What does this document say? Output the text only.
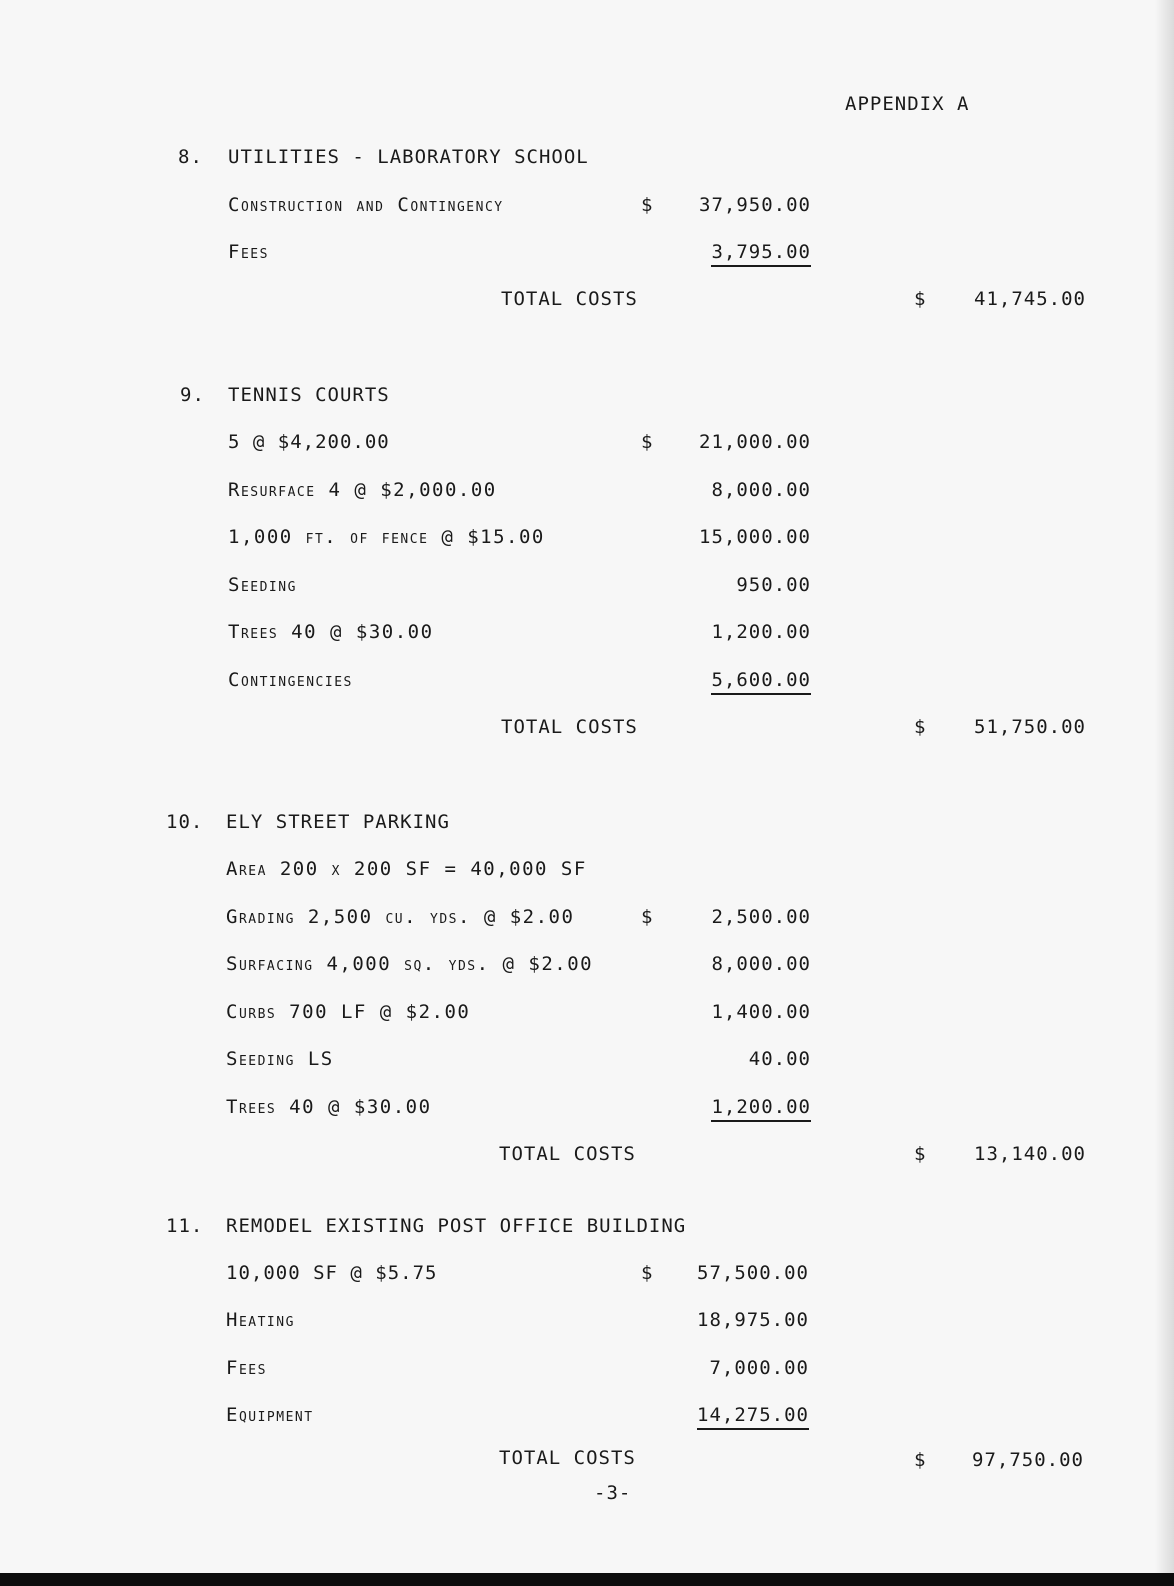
APPENDIX A
8. UTILITIES - LABORATORY SCHOOL
Construction and Contingency	$ 37,950.00
Fees	3,795.00
TOTAL COSTS	$	41,745.00
9. TENNIS COURTS
5 @ $4,200.00	$ 21,000.00
Resurface 4 @ $2,000.00	8,000.00
1,000 ft. of fence @ $15.00	15,000.00
Seeding	950.00
Trees 40 @ $30.00	1,200.00
Contingencies	5,600.00
TOTAL COSTS	$	51,750.00
10. ELY STREET PARKING
Area 200 x 200 SF = 40,000 SF
Grading 2,500 cu. yds. @ $2.00	$	2,500.00
Surfacing 4,000 sq. yds. @ $2.00	8,000.00
Curbs 700 LF @ $2.00	1,400.00
Seeding LS	40.00
Trees 40 @ $30.00	1,200.00
TOTAL COSTS	$	13,140.00
11. REMODEL EXISTING POST OFFICE BUILDING
10,000 SF @ $5.75	$ 57,500.00
Heating	18,975.00
Fees	7,000.00
Equipment	14,275.00
TOTAL COSTS	$ 97,750.00
-3-
